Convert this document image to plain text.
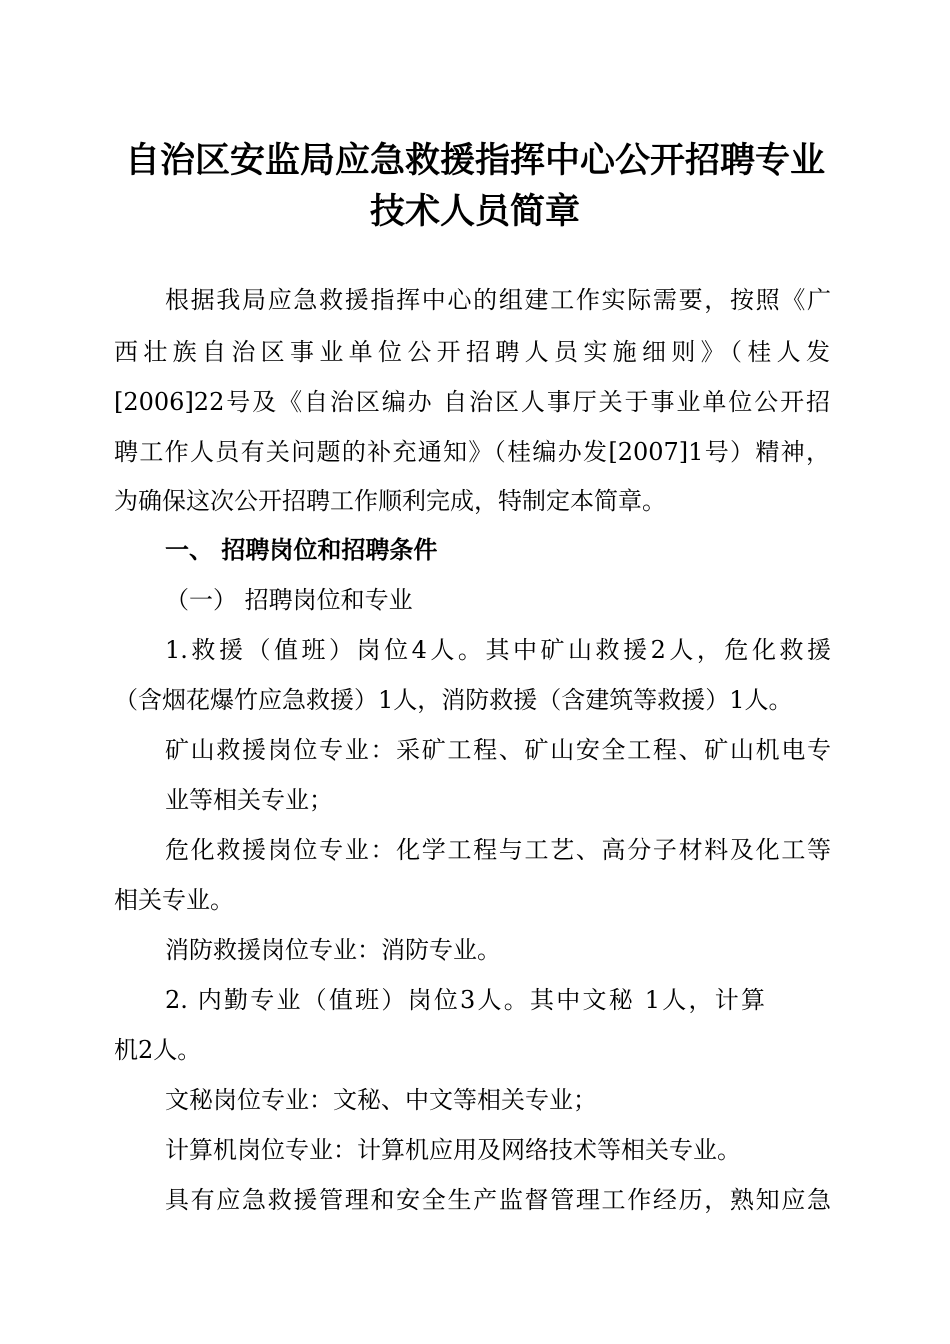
自治区安监局应急救援指挥中心公开招聘专业
技术人员简章
根据我局应急救援指挥中心的组建工作实际需要，按照《广
西壮族自治区事业单位公开招聘人员实施细则》（桂人发
[2006]22号及《自治区编办 自治区人事厅关于事业单位公开招
聘工作人员有关问题的补充通知》（桂编办发[2007]1号）精神，
为确保这次公开招聘工作顺利完成，特制定本简章。
一、 招聘岗位和招聘条件
（一） 招聘岗位和专业
1.救援（值班）岗位4人。其中矿山救援2人，危化救援
（含烟花爆竹应急救援）1人，消防救援（含建筑等救援）1人。
矿山救援岗位专业：采矿工程、矿山安全工程、矿山机电专
业等相关专业；
危化救援岗位专业：化学工程与工艺、高分子材料及化工等
相关专业。
消防救援岗位专业：消防专业。
2. 内勤专业（值班）岗位3人。其中文秘 1人，计算
机2人。
文秘岗位专业：文秘、中文等相关专业；
计算机岗位专业：计算机应用及网络技术等相关专业。
具有应急救援管理和安全生产监督管理工作经历，熟知应急
